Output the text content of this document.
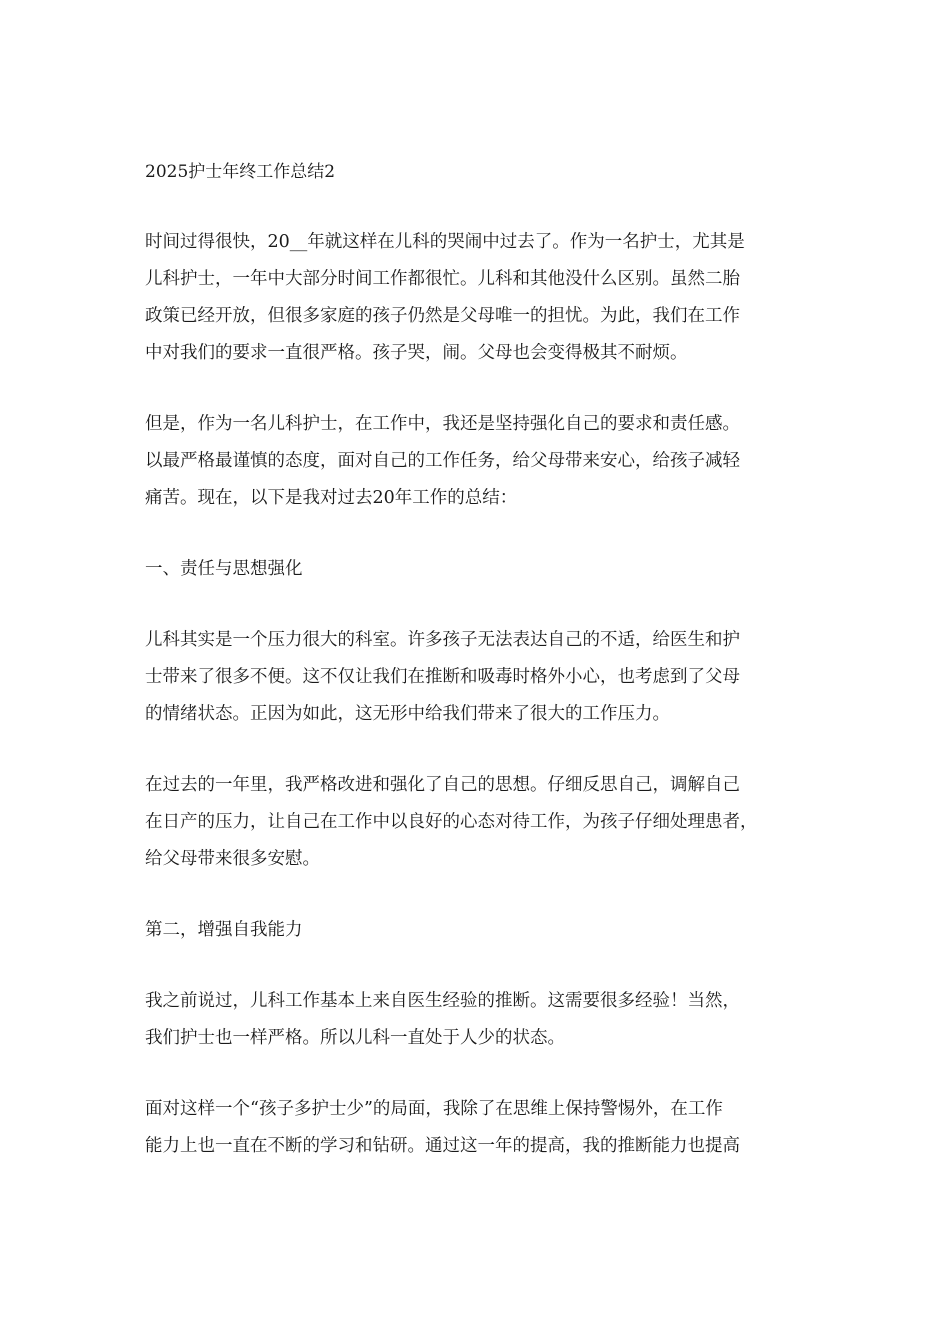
2025护士年终工作总结2
时间过得很快，20__年就这样在儿科的哭闹中过去了。作为一名护士，尤其是
儿科护士，一年中大部分时间工作都很忙。儿科和其他没什么区别。虽然二胎
政策已经开放，但很多家庭的孩子仍然是父母唯一的担忧。为此，我们在工作
中对我们的要求一直很严格。孩子哭，闹。父母也会变得极其不耐烦。
但是，作为一名儿科护士，在工作中，我还是坚持强化自己的要求和责任感。
以最严格最谨慎的态度，面对自己的工作任务，给父母带来安心，给孩子减轻
痛苦。现在，以下是我对过去20年工作的总结：
一、责任与思想强化
儿科其实是一个压力很大的科室。许多孩子无法表达自己的不适，给医生和护
士带来了很多不便。这不仅让我们在推断和吸毒时格外小心，也考虑到了父母
的情绪状态。正因为如此，这无形中给我们带来了很大的工作压力。
在过去的一年里，我严格改进和强化了自己的思想。仔细反思自己，调解自己
在日产的压力，让自己在工作中以良好的心态对待工作，为孩子仔细处理患者，
给父母带来很多安慰。
第二，增强自我能力
我之前说过，儿科工作基本上来自医生经验的推断。这需要很多经验！当然，
我们护士也一样严格。所以儿科一直处于人少的状态。
面对这样一个“孩子多护士少”的局面，我除了在思维上保持警惕外，在工作
能力上也一直在不断的学习和钻研。通过这一年的提高，我的推断能力也提高
